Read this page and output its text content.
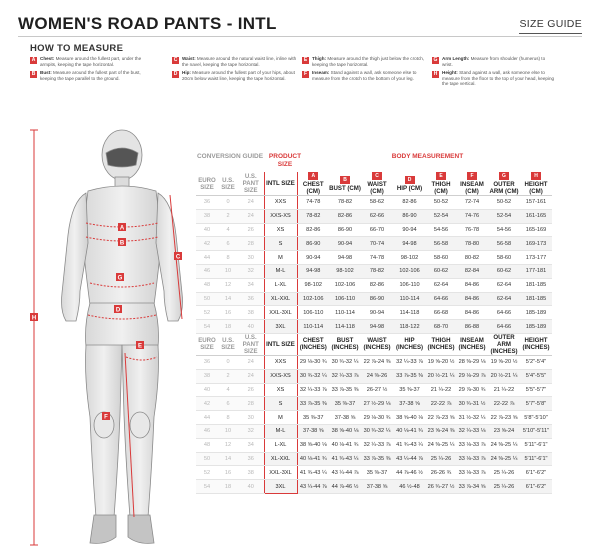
WOMEN'S ROAD PANTS - INTL	SIZE GUIDE
HOW TO MEASURE
A	Chest: Measure around the fullest part, under the armpits, keeping the tape horizontal.
B	Bust: Measure around the fullest part of the bust, keeping the tape parallel to the ground.
C	Waist: Measure around the natural waist line, inline with the navel, keeping the tape horizontal.
D	Hip: Measure around the fullest part of your hips, about 20cm below waist line, keeping the tape horizontal.
E	Thigh: Measure around the thigh just below the crotch, keeping the tape horizontal.
F	Inseam: Stand against a wall, ask someone else to measure from the crotch to the bottom of your leg.
G Arm Length: Measure from shoulder (humerus) to wrist.
H	Height: Stand against a wall, ask someone else to measure from the floor to the top of your head, keeping the tape vertical.
A
B
C
D
E
F
G
H
CONVERSION GUIDE PRODUCT SIZE
BODY MEASUREMENT
EURO SIZE	U.S. SIZE	U.S. PANT SIZE	INTL SIZE	A
CHEST (CM)	B
BUST (CM)	C
WAIST (CM)	D
HIP (CM)	E
THIGH (CM)	F
INSEAM (CM)	G
OUTER ARM (CM)	H
HEIGHT (CM)
36	0	24	XXS	74-78	78-82	58-62	82-86	50-52	72-74	50-52	157-161
38	2	24	XXS-XS	78-82	82-86	62-66	86-90	52-54	74-76	52-54	161-165
40	4	26	XS	82-86	86-90	66-70	90-94	54-56	76-78	54-56	165-169
42	6	28	S	86-90	90-94	70-74	94-98	56-58	78-80	56-58	169-173
44	8	30	M	90-94	94-98	74-78	98-102	58-60	80-82	58-60	173-177
46	10	32	M-L	94-98	98-102	78-82	102-106	60-62	82-84	60-62	177-181
48	12	34	L-XL	98-102	102-106	82-86	106-110	62-64	84-86	62-64	181-185
50	14	36	XL-XXL	102-106	106-110	86-90	110-114	64-66	84-86	62-64	181-185
52	16	38	XXL-3XL	106-110	110-114	90-94	114-118	66-68	84-86	64-66	185-189
54	18	40	3XL	110-114	114-118	94-98	118-122	68-70	86-88	64-66	185-189
EURO SIZE	U.S. SIZE	U.S. PANT SIZE	INTL SIZE	CHEST (INCHES)	BUST (INCHES)	WAIST (INCHES)	HIP (INCHES)	THIGH (INCHES)	INSEAM (INCHES)	OUTER ARM (INCHES)	HEIGHT (INCHES)
36	0	24	XXS	29 ⅛-30 ¾	30 ¾-32 ¼	22 ⅞-24 ⅜	32 ¼-33 ⅞	19 ⅝-20 ½	28 ⅜-29 ⅛	19 ⅝-20 ½	5'2"-5'4"
38	2	24	XXS-XS	30 ¾-32 ¼	32 ¼-33 ⅞	24 ⅜-26	33 ⅞-35 ⅜	20 ½-21 ¼	29 ⅛-29 ⅞	20 ½-21 ¼	5'4"-5'5"
40	4	26	XS	32 ¼-33 ⅞	33 ⅞-35 ⅜	26-27 ½	35 ⅜-37	21 ¼-22	29 ⅞-30 ¾	21 ¼-22	5'5"-5'7"
42	6	28	S	33 ⅞-35 ⅜	35 ⅜-37	27 ½-29 ⅛	37-38 ⅝	22-22 ⅞	30 ¾-31 ½	22-22 ⅞	5'7"-5'8"
44	8	30	M	35 ⅜-37	37-38 ⅝	29 ⅛-30 ¾	38 ⅝-40 ⅛	22 ⅞-23 ⅝	31 ½-32 ¼	22 ⅞-23 ⅝	5'8"-5'10"
46	10	32	M-L	37-38 ⅝	38 ⅝-40 ⅛	30 ¾-32 ¼	40 ⅛-41 ¾	23 ⅝-24 ⅜	32 ¼-33 ⅛	23 ⅝-24	5'10"-5'11"
48	12	34	L-XL	38 ⅝-40 ⅛	40 ⅛-41 ¾	32 ¼-33 ⅞	41 ¾-43 ¼	24 ⅜-25 ¼	33 ⅛-33 ⅞	24 ⅜-25 ¼	5'11"-6'1"
50	14	36	XL-XXL	40 ⅛-41 ¾	41 ¾-43 ¼	33 ⅞-35 ⅜	43 ¼-44 ⅞	25 ¼-26	33 ⅛-33 ⅞	24 ⅜-25 ¼	5'11"-6'1"
52	16	38	XXL-3XL	41 ¾-43 ¼	43 ¼-44 ⅞	35 ⅜-37	44 ⅞-46 ½	26-26 ¾	33 ⅛-33 ⅞	25 ¼-26	6'1"-6'2"
54	18	40	3XL	43 ¼-44 ⅞	44 ⅞-46 ½	37-38 ⅝	46 ½-48	26 ¾-27 ½	33 ⅞-34 ⅝	25 ¼-26	6'1"-6'2"
